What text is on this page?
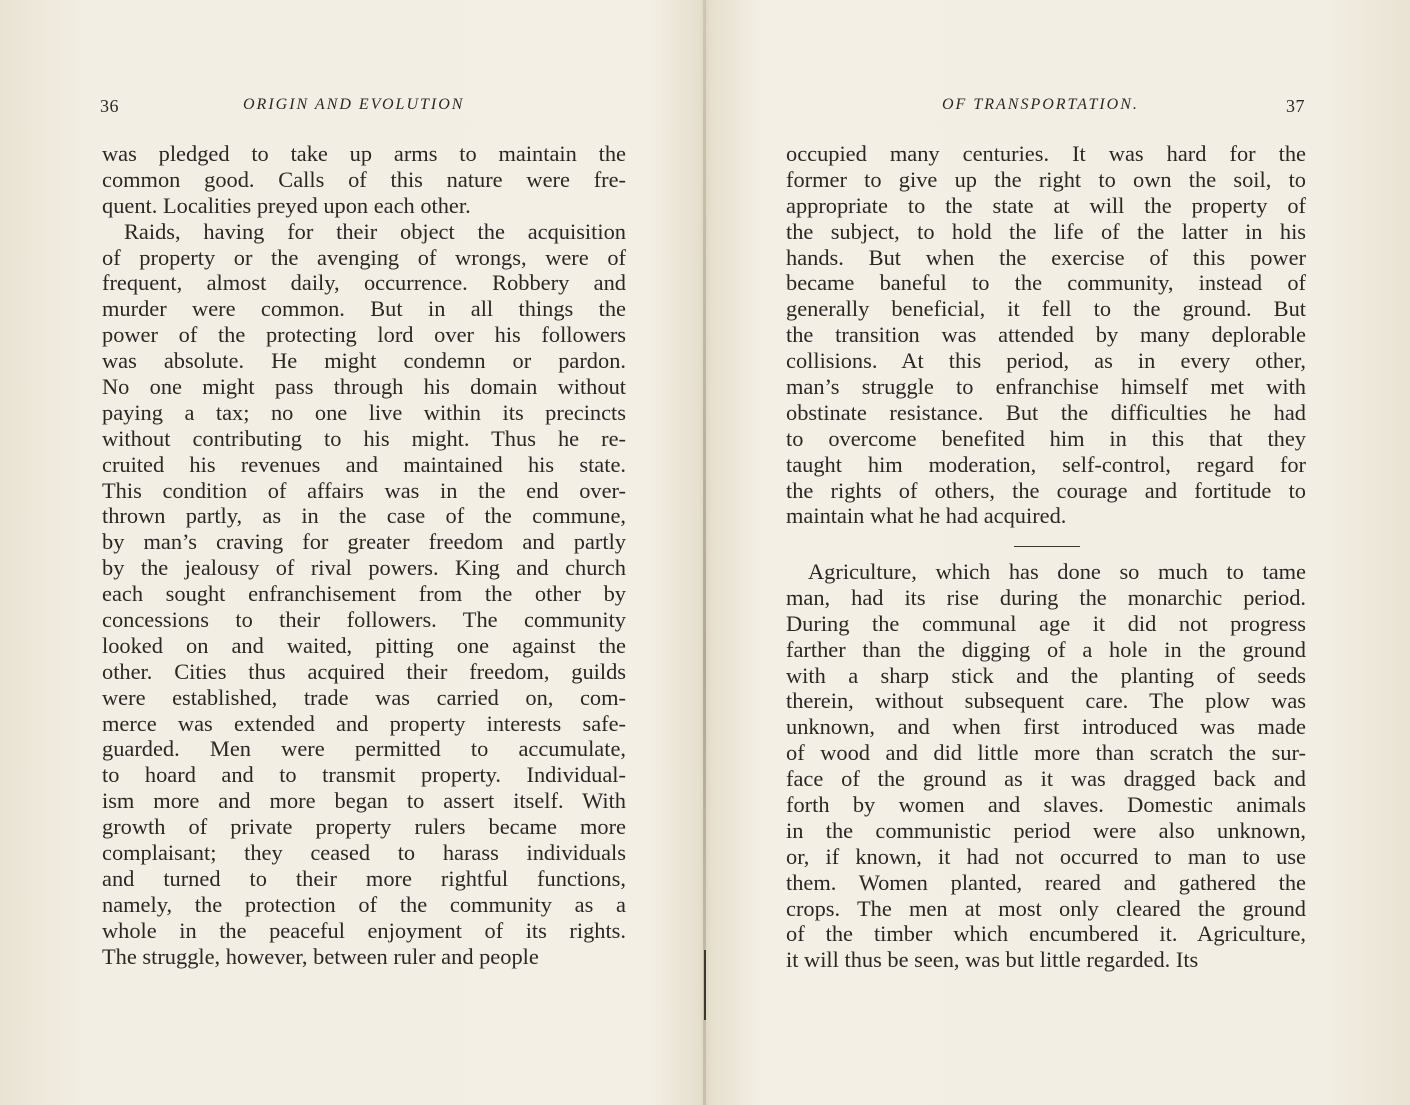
36	ORIGIN AND EVOLUTION
was pledged to take up arms to maintain the
common good. Calls of this nature were fre-
quent. Localities preyed upon each other.
Raids, having for their object the acquisition
of property or the avenging of wrongs, were of
frequent, almost daily, occurrence. Robbery and
murder were common. But in all things the
power of the protecting lord over his followers
was absolute. He might condemn or pardon.
No one might pass through his domain without
paying a tax; no one live within its precincts
without contributing to his might. Thus he re-
cruited his revenues and maintained his state.
This condition of affairs was in the end over-
thrown partly, as in the case of the commune,
by man’s craving for greater freedom and partly
by the jealousy of rival powers. King and church
each sought enfranchisement from the other by
concessions to their followers. The community
looked on and waited, pitting one against the
other. Cities thus acquired their freedom, guilds
were established, trade was carried on, com-
merce was extended and property interests safe-
guarded. Men were permitted to accumulate,
to hoard and to transmit property. Individual-
ism more and more began to assert itself. With
growth of private property rulers became more
complaisant; they ceased to harass individuals
and turned to their more rightful functions,
namely, the protection of the community as a
whole in the peaceful enjoyment of its rights.
The struggle, however, between ruler and people
OF TRANSPORTATION.	37
occupied many centuries. It was hard for the
former to give up the right to own the soil, to
appropriate to the state at will the property of
the subject, to hold the life of the latter in his
hands. But when the exercise of this power
became baneful to the community, instead of
generally beneficial, it fell to the ground. But
the transition was attended by many deplorable
collisions. At this period, as in every other,
man’s struggle to enfranchise himself met with
obstinate resistance. But the difficulties he had
to overcome benefited him in this that they
taught him moderation, self-control, regard for
the rights of others, the courage and fortitude to
maintain what he had acquired.
Agriculture, which has done so much to tame
man, had its rise during the monarchic period.
During the communal age it did not progress
farther than the digging of a hole in the ground
with a sharp stick and the planting of seeds
therein, without subsequent care. The plow was
unknown, and when first introduced was made
of wood and did little more than scratch the sur-
face of the ground as it was dragged back and
forth by women and slaves. Domestic animals
in the communistic period were also unknown,
or, if known, it had not occurred to man to use
them. Women planted, reared and gathered the
crops. The men at most only cleared the ground
of the timber which encumbered it. Agriculture,
it will thus be seen, was but little regarded. Its
